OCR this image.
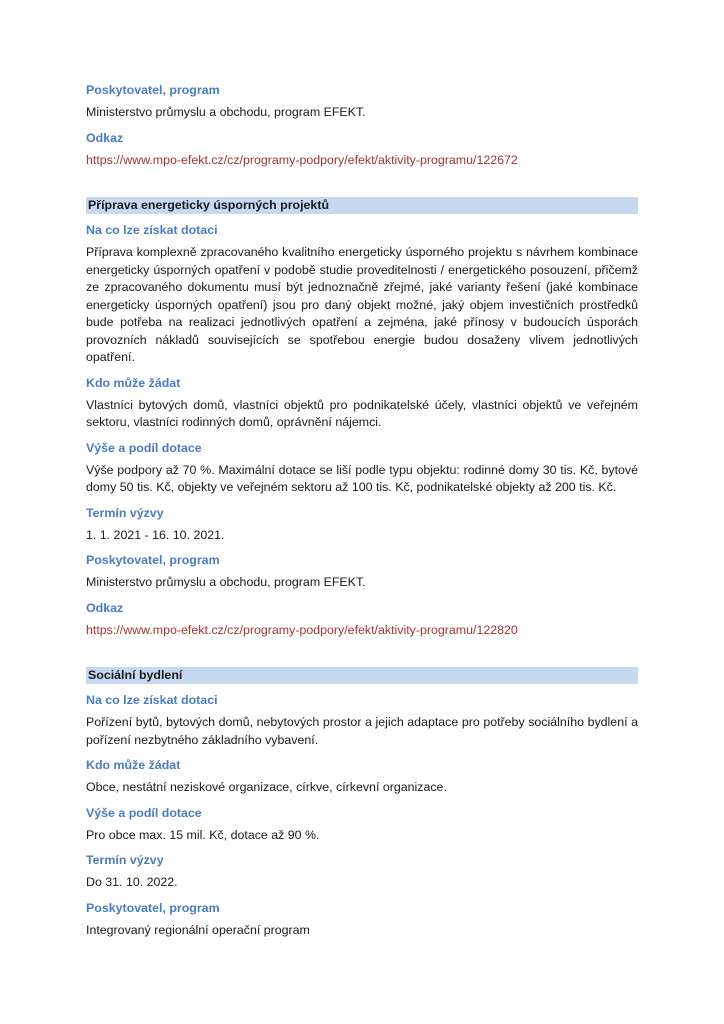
Poskytovatel, program
Ministerstvo průmyslu a obchodu, program EFEKT.
Odkaz
https://www.mpo-efekt.cz/cz/programy-podpory/efekt/aktivity-programu/122672
Příprava energeticky úsporných projektů
Na co lze získat dotaci
Příprava komplexně zpracovaného kvalitního energeticky úsporného projektu s návrhem kombinace energeticky úsporných opatření v podobě studie proveditelnosti / energetického posouzení, přičemž ze zpracovaného dokumentu musí být jednoznačně zřejmé, jaké varianty řešení (jaké kombinace energeticky úsporných opatření) jsou pro daný objekt možné, jaký objem investičních prostředků bude potřeba na realizaci jednotlivých opatření a zejména, jaké přínosy v budoucích úsporách provozních nákladů souvisejících se spotřebou energie budou dosaženy vlivem jednotlivých opatření.
Kdo může žádat
Vlastníci bytových domů, vlastníci objektů pro podnikatelské účely, vlastníci objektů ve veřejném sektoru, vlastníci rodinných domů, oprávnění nájemci.
Výše a podíl dotace
Výše podpory až 70 %. Maximální dotace se liší podle typu objektu: rodinné domy 30 tis. Kč, bytové domy 50 tis. Kč, objekty ve veřejném sektoru až 100 tis. Kč, podnikatelské objekty až 200 tis. Kč.
Termín výzvy
1. 1. 2021 - 16. 10. 2021.
Poskytovatel, program
Ministerstvo průmyslu a obchodu, program EFEKT.
Odkaz
https://www.mpo-efekt.cz/cz/programy-podpory/efekt/aktivity-programu/122820
Sociální bydlení
Na co lze získat dotaci
Pořízení bytů, bytových domů, nebytových prostor a jejich adaptace pro potřeby sociálního bydlení a pořízení nezbytného základního vybavení.
Kdo může žádat
Obce, nestátní neziskové organizace, církve, církevní organizace.
Výše a podíl dotace
Pro obce max. 15 mil. Kč, dotace až 90 %.
Termín výzvy
Do 31. 10. 2022.
Poskytovatel, program
Integrovaný regionální operační program
